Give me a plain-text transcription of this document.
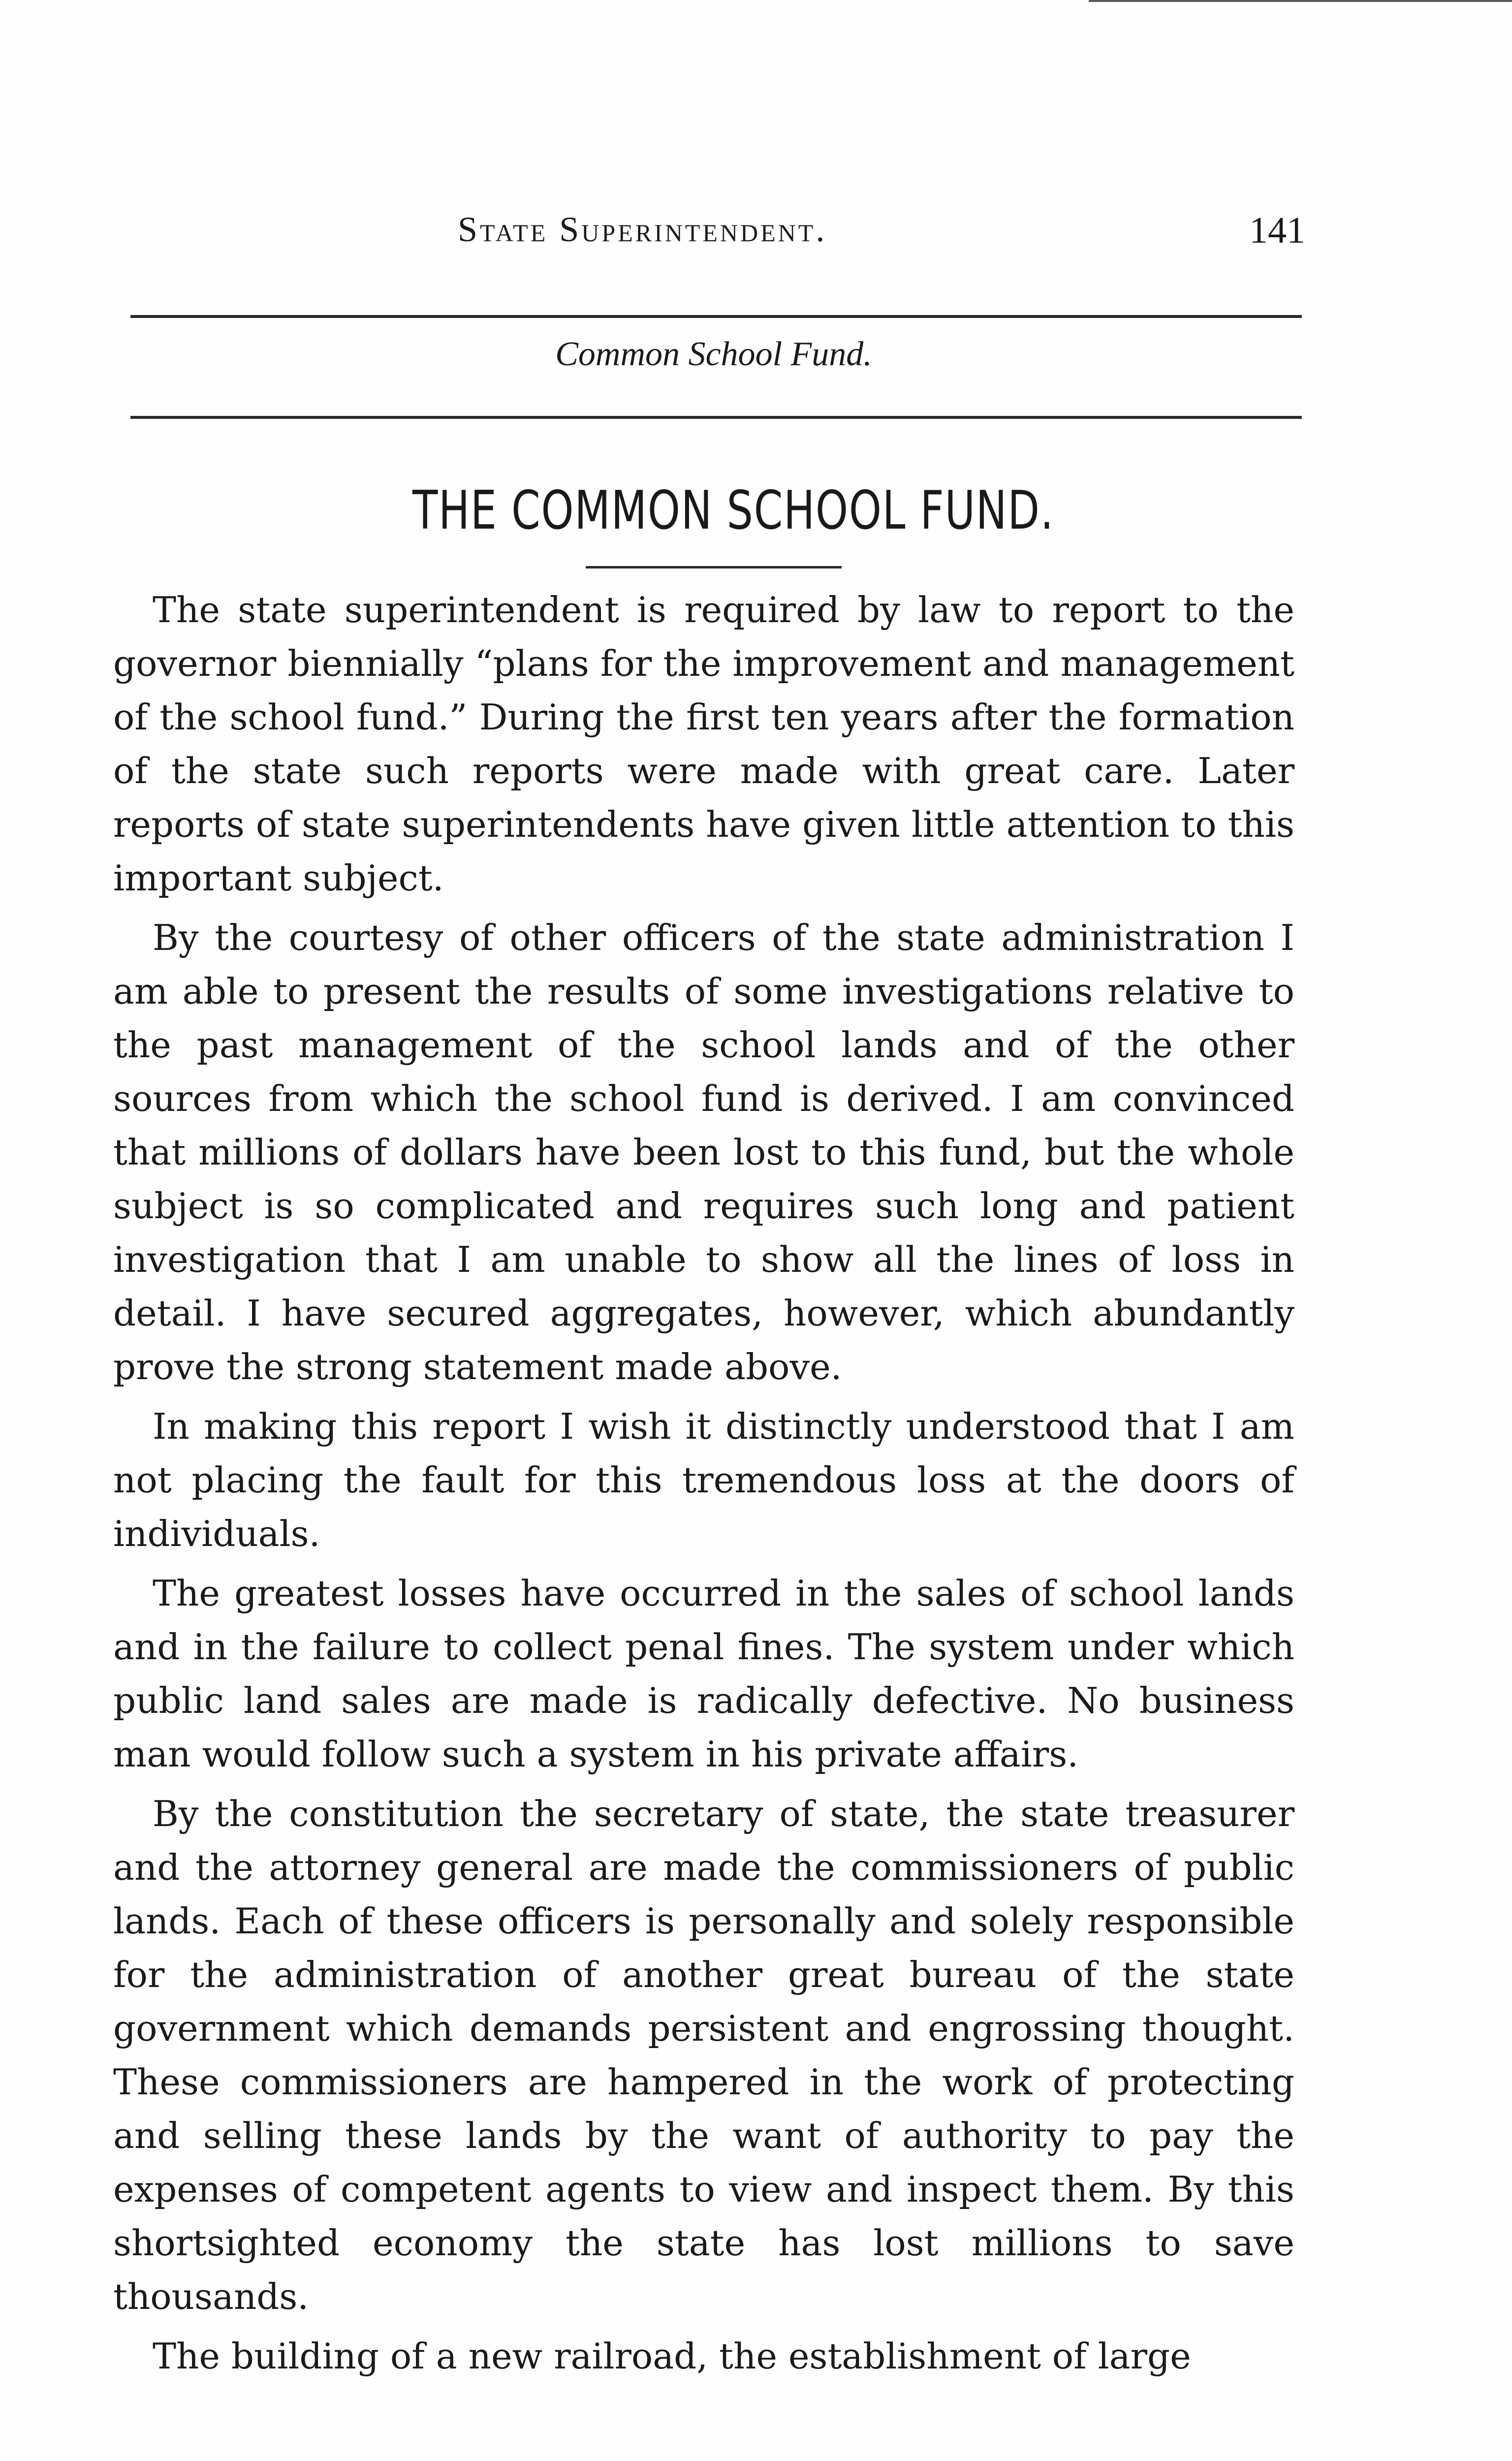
State Superintendent.	141
Common School Fund.
THE COMMON SCHOOL FUND.

The state superintendent is required by law to report to the governor biennially “plans for the improvement and management of the school fund.” During the first ten years after the formation of the state such reports were made with great care. Later reports of state superintendents have given little attention to this important subject.

By the courtesy of other officers of the state administration I am able to present the results of some investigations relative to the past management of the school lands and of the other sources from which the school fund is derived. I am convinced that millions of dollars have been lost to this fund, but the whole subject is so complicated and requires such long and patient investigation that I am unable to show all the lines of loss in detail. I have secured aggregates, however, which abundantly prove the strong statement made above.

In making this report I wish it distinctly understood that I am not placing the fault for this tremendous loss at the doors of individuals.

The greatest losses have occurred in the sales of school lands and in the failure to collect penal fines. The system under which public land sales are made is radically defective. No business man would follow such a system in his private affairs.

By the constitution the secretary of state, the state treasurer and the attorney general are made the commissioners of public lands. Each of these officers is personally and solely responsible for the administration of another great bureau of the state government which demands persistent and engrossing thought. These commissioners are hampered in the work of protecting and selling these lands by the want of authority to pay the expenses of competent agents to view and inspect them. By this shortsighted economy the state has lost millions to save thousands.

The building of a new railroad, the establishment of large
